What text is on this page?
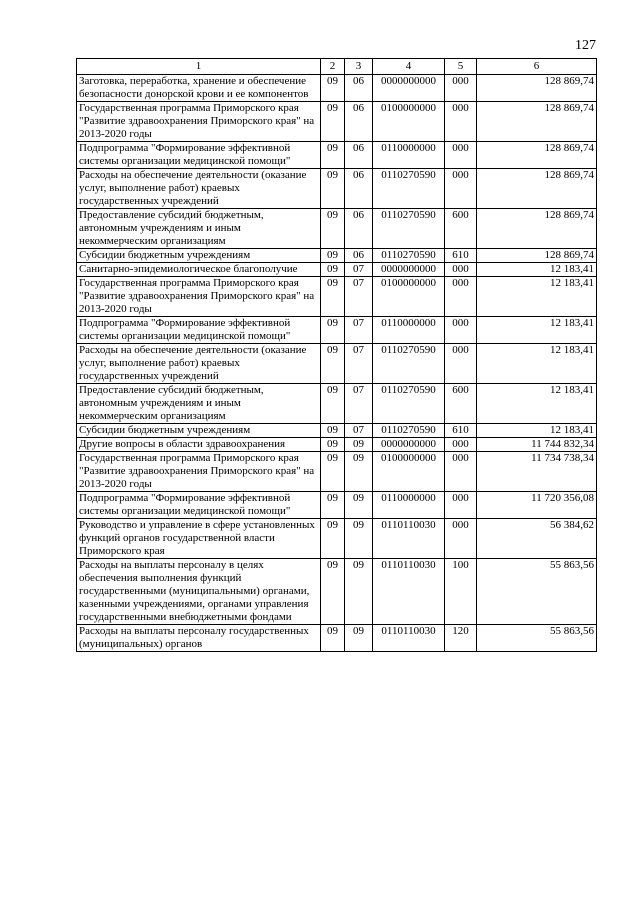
127
1	2	3	4	5	6
Заготовка, переработка, хранение и обеспечение безопасности донорской крови и ее компонентов	09	06	0000000000	000	128 869,74
Государственная программа Приморского края "Развитие здравоохранения Приморского края" на 2013-2020 годы	09	06	0100000000	000	128 869,74
Подпрограмма "Формирование эффективной системы организации медицинской помощи"	09	06	0110000000	000	128 869,74
Расходы на обеспечение деятельности (оказание услуг, выполнение работ) краевых государственных учреждений	09	06	0110270590	000	128 869,74
Предоставление субсидий бюджетным, автономным учреждениям и иным некоммерческим организациям	09	06	0110270590	600	128 869,74
Субсидии бюджетным учреждениям	09	06	0110270590	610	128 869,74
Санитарно-эпидемиологическое благополучие	09	07	0000000000	000	12 183,41
Государственная программа Приморского края "Развитие здравоохранения Приморского края" на 2013-2020 годы	09	07	0100000000	000	12 183,41
Подпрограмма "Формирование эффективной системы организации медицинской помощи"	09	07	0110000000	000	12 183,41
Расходы на обеспечение деятельности (оказание услуг, выполнение работ) краевых государственных учреждений	09	07	0110270590	000	12 183,41
Предоставление субсидий бюджетным, автономным учреждениям и иным некоммерческим организациям	09	07	0110270590	600	12 183,41
Субсидии бюджетным учреждениям	09	07	0110270590	610	12 183,41
Другие вопросы в области здравоохранения	09	09	0000000000	000	11 744 832,34
Государственная программа Приморского края "Развитие здравоохранения Приморского края" на 2013-2020 годы	09	09	0100000000	000	11 734 738,34
Подпрограмма "Формирование эффективной системы организации медицинской помощи"	09	09	0110000000	000	11 720 356,08
Руководство и управление в сфере установленных функций органов государственной власти Приморского края	09	09	0110110030	000	56 384,62
Расходы на выплаты персоналу в целях обеспечения выполнения функций государственными (муниципальными) органами, казенными учреждениями, органами управления государственными внебюджетными фондами	09	09	0110110030	100	55 863,56
Расходы на выплаты персоналу государственных (муниципальных) органов	09	09	0110110030	120	55 863,56
